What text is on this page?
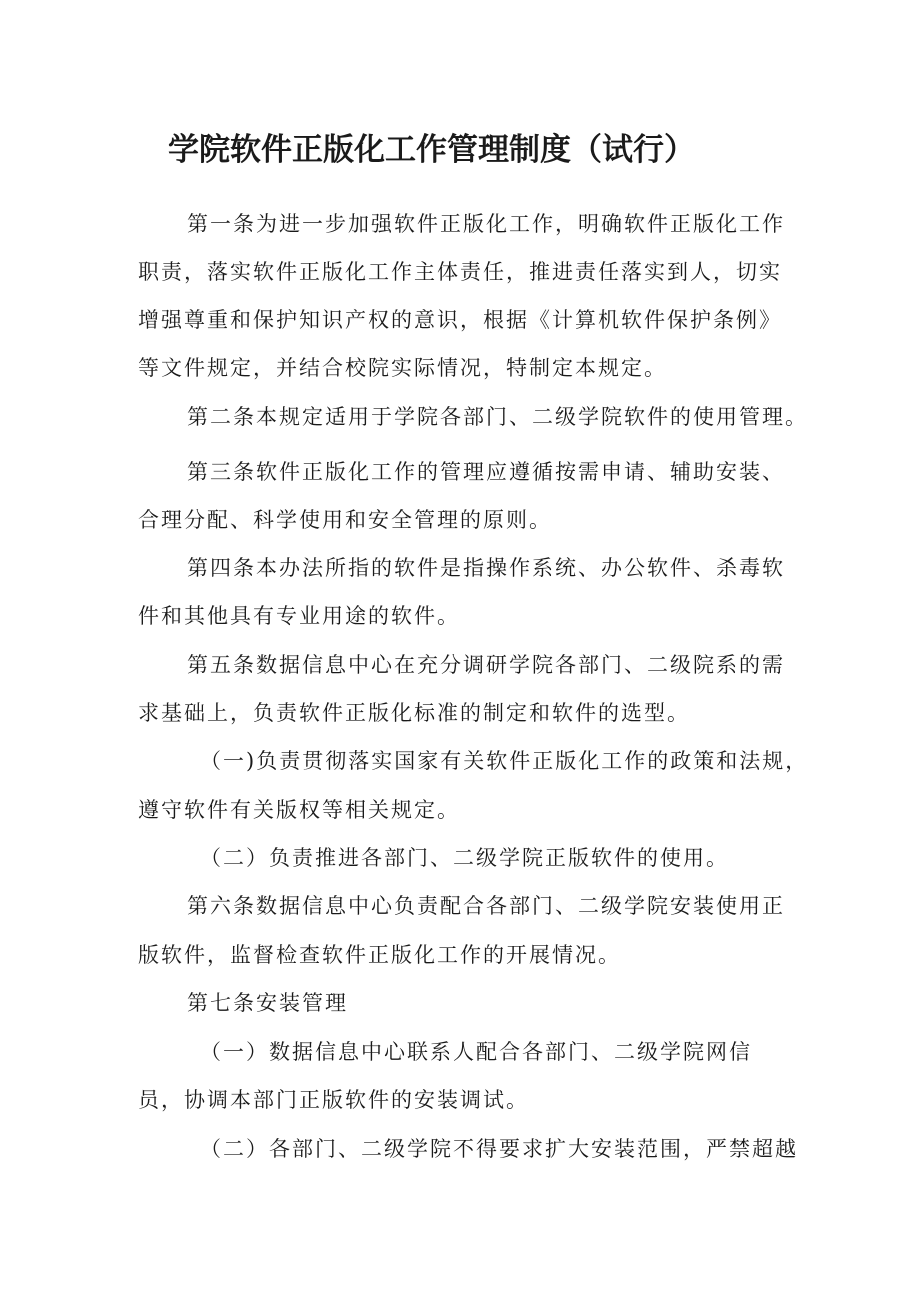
学院软件正版化工作管理制度（试行）

第一条为进一步加强软件正版化工作，明确软件正版化工作

职责，落实软件正版化工作主体责任，推进责任落实到人，切实

增强尊重和保护知识产权的意识，根据《计算机软件保护条例》

等文件规定，并结合校院实际情况，特制定本规定。

第二条本规定适用于学院各部门、二级学院软件的使用管理。

第三条软件正版化工作的管理应遵循按需申请、辅助安装、

合理分配、科学使用和安全管理的原则。

第四条本办法所指的软件是指操作系统、办公软件、杀毒软

件和其他具有专业用途的软件。

第五条数据信息中心在充分调研学院各部门、二级院系的需

求基础上，负责软件正版化标准的制定和软件的选型。

（一)负责贯彻落实国家有关软件正版化工作的政策和法规，

遵守软件有关版权等相关规定。

（二）负责推进各部门、二级学院正版软件的使用。

第六条数据信息中心负责配合各部门、二级学院安装使用正

版软件，监督检查软件正版化工作的开展情况。

第七条安装管理

（一）数据信息中心联系人配合各部门、二级学院网信

员，协调本部门正版软件的安装调试。

（二）各部门、二级学院不得要求扩大安装范围，严禁超越
